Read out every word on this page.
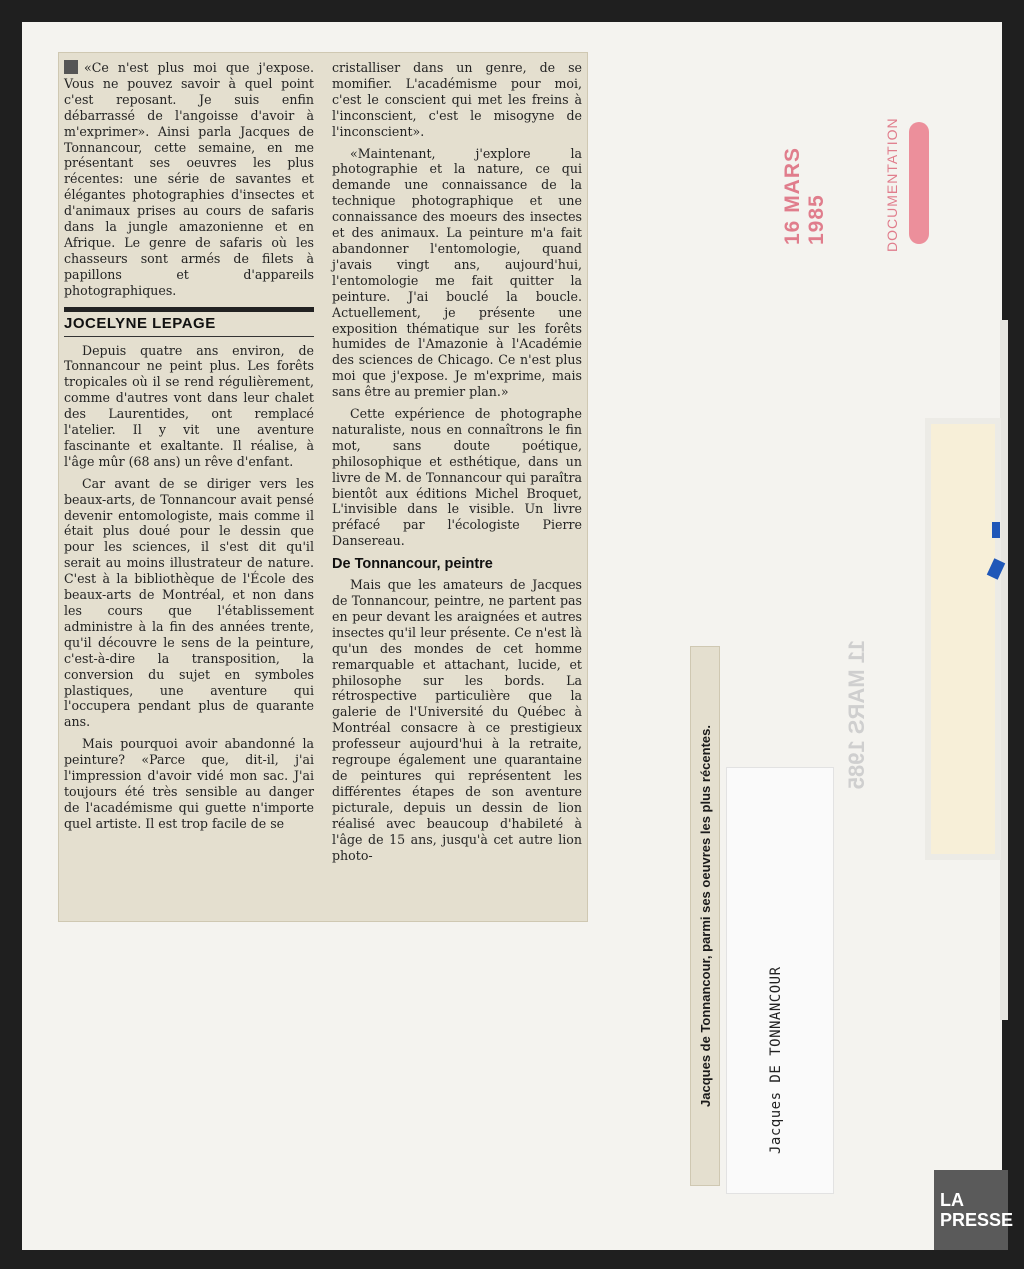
«Ce n'est plus moi que j'expose. Vous ne pouvez savoir à quel point c'est reposant. Je suis enfin débarrassé de l'angoisse d'avoir à m'exprimer». Ainsi parla Jacques de Tonnancour, cette semaine, en me présentant ses oeuvres les plus récentes: une série de savantes et élégantes photographies d'insectes et d'animaux prises au cours de safaris dans la jungle amazonienne et en Afrique. Le genre de safaris où les chasseurs sont armés de filets à papillons et d'appareils photographiques.

JOCELYNE LEPAGE

Depuis quatre ans environ, de Tonnancour ne peint plus. Les forêts tropicales où il se rend régulièrement, comme d'autres vont dans leur chalet des Laurentides, ont remplacé l'atelier. Il y vit une aventure fascinante et exaltante. Il réalise, à l'âge mûr (68 ans) un rêve d'enfant.

Car avant de se diriger vers les beaux-arts, de Tonnancour avait pensé devenir entomologiste, mais comme il était plus doué pour le dessin que pour les sciences, il s'est dit qu'il serait au moins illustrateur de nature. C'est à la bibliothèque de l'École des beaux-arts de Montréal, et non dans les cours que l'établissement administre à la fin des années trente, qu'il découvre le sens de la peinture, c'est-à-dire la transposition, la conversion du sujet en symboles plastiques, une aventure qui l'occupera pendant plus de quarante ans.

Mais pourquoi avoir abandonné la peinture? «Parce que, dit-il, j'ai l'impression d'avoir vidé mon sac. J'ai toujours été très sensible au danger de l'académisme qui guette n'importe quel artiste. Il est trop facile de se

cristalliser dans un genre, de se momifier. L'académisme pour moi, c'est le conscient qui met les freins à l'inconscient, c'est le misogyne de l'inconscient».

«Maintenant, j'explore la photographie et la nature, ce qui demande une connaissance de la technique photographique et une connaissance des moeurs des insectes et des animaux. La peinture m'a fait abandonner l'entomologie, quand j'avais vingt ans, aujourd'hui, l'entomologie me fait quitter la peinture. J'ai bouclé la boucle. Actuellement, je présente une exposition thématique sur les forêts humides de l'Amazonie à l'Académie des sciences de Chicago. Ce n'est plus moi que j'expose. Je m'exprime, mais sans être au premier plan.»

Cette expérience de photographe naturaliste, nous en connaîtrons le fin mot, sans doute poétique, philosophique et esthétique, dans un livre de M. de Tonnancour qui paraîtra bientôt aux éditions Michel Broquet, L'invisible dans le visible. Un livre préfacé par l'écologiste Pierre Dansereau.

De Tonnancour, peintre

Mais que les amateurs de Jacques de Tonnancour, peintre, ne partent pas en peur devant les araignées et autres insectes qu'il leur présente. Ce n'est là qu'un des mondes de cet homme remarquable et attachant, lucide, et philosophe sur les bords. La rétrospective particulière que la galerie de l'Université du Québec à Montréal consacre à ce prestigieux professeur aujourd'hui à la retraite, regroupe également une quarantaine de peintures qui représentent les différentes étapes de son aventure picturale, depuis un dessin de lion réalisé avec beaucoup d'habileté à l'âge de 15 ans, jusqu'à cet autre lion photo-

16 MARS 1985	DOCUMENTATION
11 MARS 1985
Jacques de Tonnancour, parmi ses oeuvres les plus récentes.	Jacques DE TONNANCOUR
LA
PRESSE
